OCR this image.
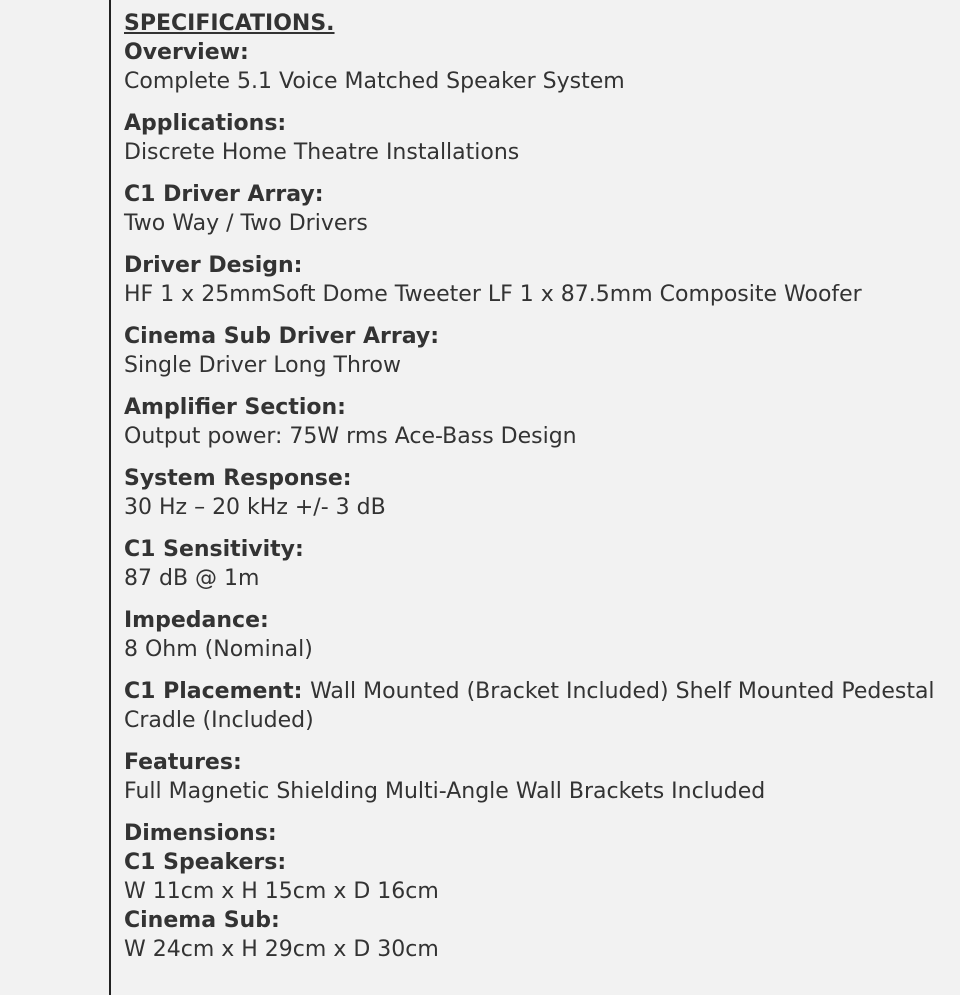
SPECIFICATIONS.
Overview:
Complete 5.1 Voice Matched Speaker System
Applications:
Discrete Home Theatre Installations
C1 Driver Array:
Two Way / Two Drivers
Driver Design:
HF 1 x 25mmSoft Dome Tweeter LF 1 x 87.5mm Composite Woofer
Cinema Sub Driver Array:
Single Driver Long Throw
Amplifier Section:
Output power: 75W rms Ace-Bass Design
System Response:
30 Hz – 20 kHz +/- 3 dB
C1 Sensitivity:
87 dB @ 1m
Impedance:
8 Ohm (Nominal)
C1 Placement: Wall Mounted (Bracket Included) Shelf Mounted Pedestal Cradle (Included)
Features:
Full Magnetic Shielding Multi-Angle Wall Brackets Included
Dimensions:
C1 Speakers:
W 11cm x H 15cm x D 16cm
Cinema Sub:
W 24cm x H 29cm x D 30cm
